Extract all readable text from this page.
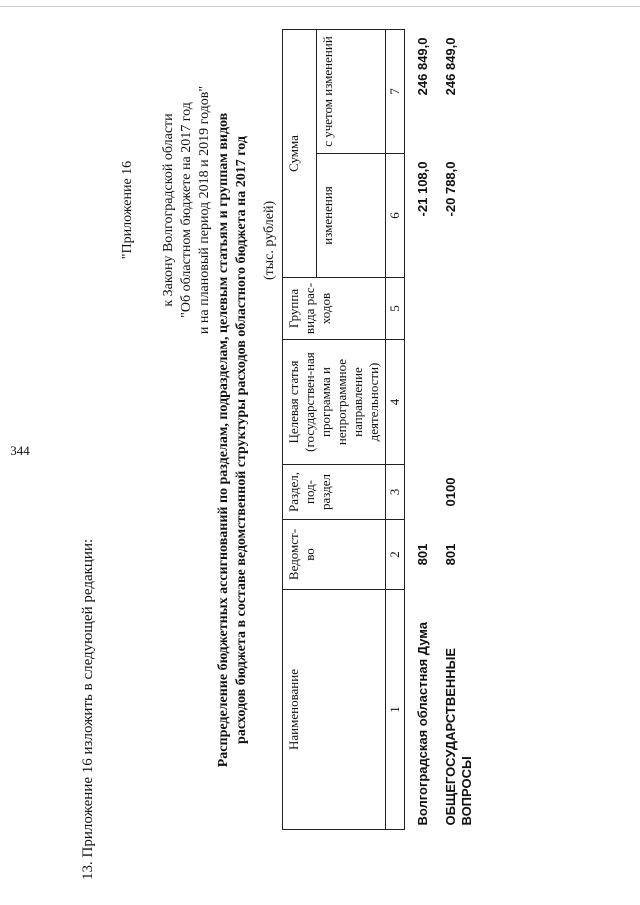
344
13. Приложение 16 изложить в следующей редакции:
"Приложение 16 к Закону Волгоградской области "Об областном бюджете на 2017 год и на плановый период 2018 и 2019 годов" Распределение бюджетных ассигнований по разделам, подразделам, целевым статьям и группам видов расходов бюджета в составе ведомственной структуры расходов областного бюджета на 2017 год (тыс. рублей)
Наименование	Ведомст-во	Раздел, под-раздел	Целевая статья (государствен-ная программа и непрограммное направление деятельности)	Группа вида рас-ходов	Сумма	
					изменения	с учетом изменений
1	2	3	4	5	6	7
Волгоградская областная Дума	801				-21 108,0	246 849,0
ОБЩЕГОСУДАРСТВЕННЫЕ ВОПРОСЫ	801	0100			-20 788,0	246 849,0
